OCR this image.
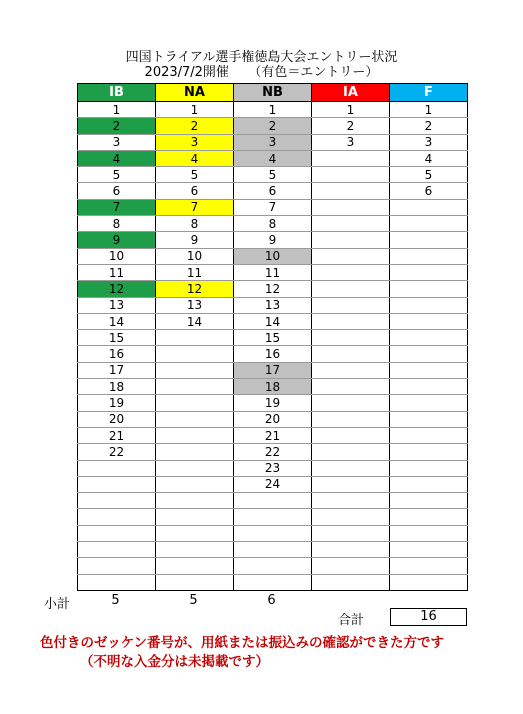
四国トライアル選手権徳島大会エントリー状況
2023/7/2開催　　（有色＝エントリー）
IB	NA	NB	IA	F
1	1	1	1	1
2	2	2	2	2
3	3	3	3	3
4	4	4		4
5	5	5		5
6	6	6		6
7	7	7		
8	8	8		
9	9	9		
10	10	10		
11	11	11		
12	12	12		
13	13	13		
14	14	14		
15		15		
16		16		
17		17		
18		18		
19		19		
20		20		
21		21		
22		22		
		23		
		24		

小計	5	5	6
合計	16
色付きのゼッケン番号が、用紙または振込みの確認ができた方です
（不明な入金分は未掲載です）
